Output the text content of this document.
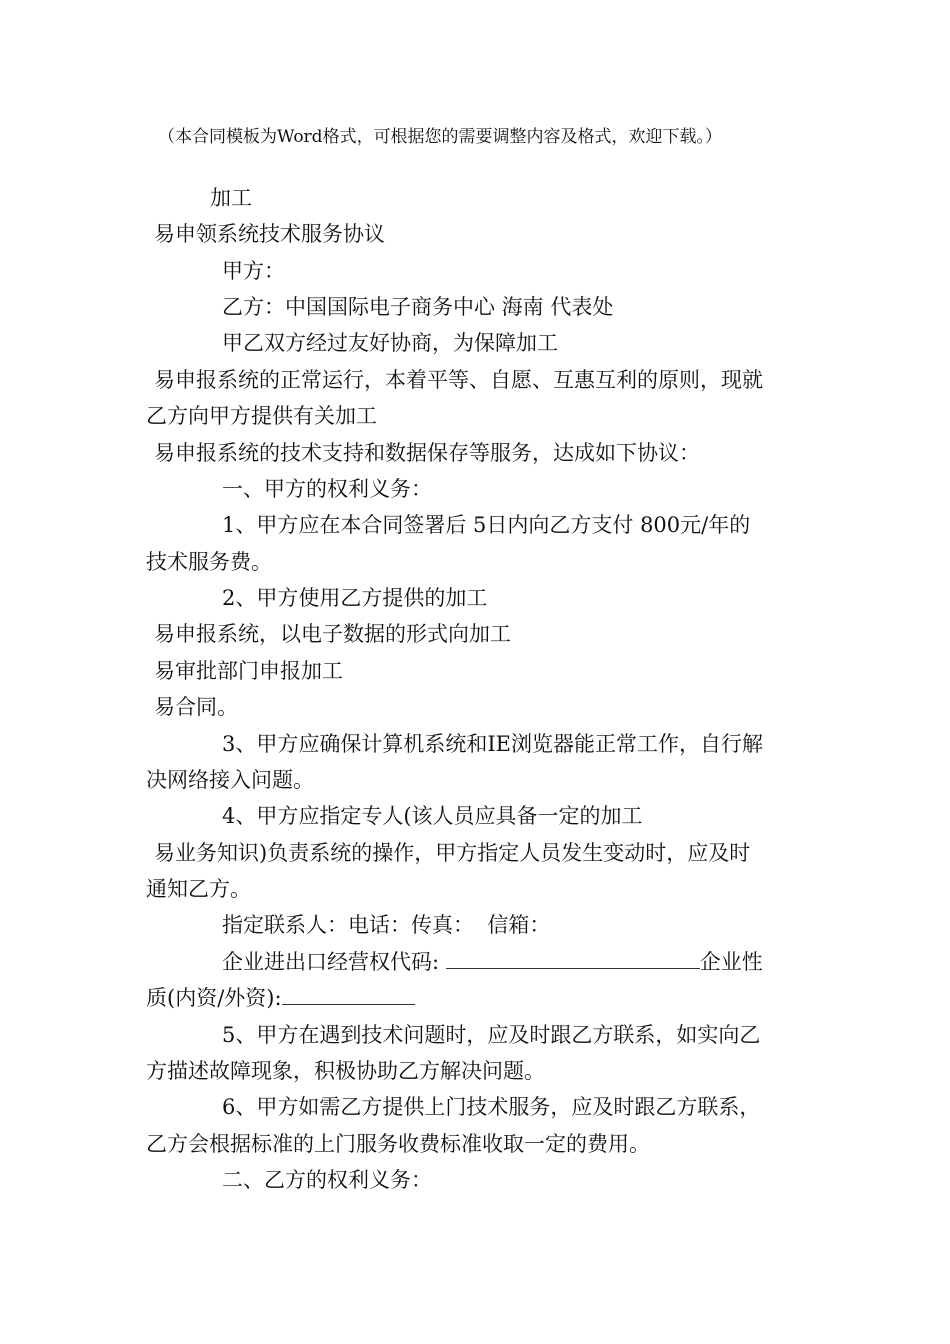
（本合同模板为Word格式，可根据您的需要调整内容及格式，欢迎下载。）
加工
易申领系统技术服务协议
甲方：
乙方：中国国际电子商务中心 海南 代表处
甲乙双方经过友好协商，为保障加工
易申报系统的正常运行，本着平等、自愿、互惠互利的原则，现就
乙方向甲方提供有关加工
易申报系统的技术支持和数据保存等服务，达成如下协议：
一、甲方的权利义务：
1、甲方应在本合同签署后 5日内向乙方支付 800元/年的
技术服务费。
2、甲方使用乙方提供的加工
易申报系统，以电子数据的形式向加工
易审批部门申报加工
易合同。
3、甲方应确保计算机系统和IE浏览器能正常工作，自行解
决网络接入问题。
4、甲方应指定专人(该人员应具备一定的加工
易业务知识)负责系统的操作，甲方指定人员发生变动时，应及时
通知乙方。
指定联系人：电话：传真：  信箱：
企业进出口经营权代码:	企业性
质(内资/外资):
5、甲方在遇到技术问题时，应及时跟乙方联系，如实向乙
方描述故障现象，积极协助乙方解决问题。
6、甲方如需乙方提供上门技术服务，应及时跟乙方联系，
乙方会根据标准的上门服务收费标准收取一定的费用。
二、乙方的权利义务：
